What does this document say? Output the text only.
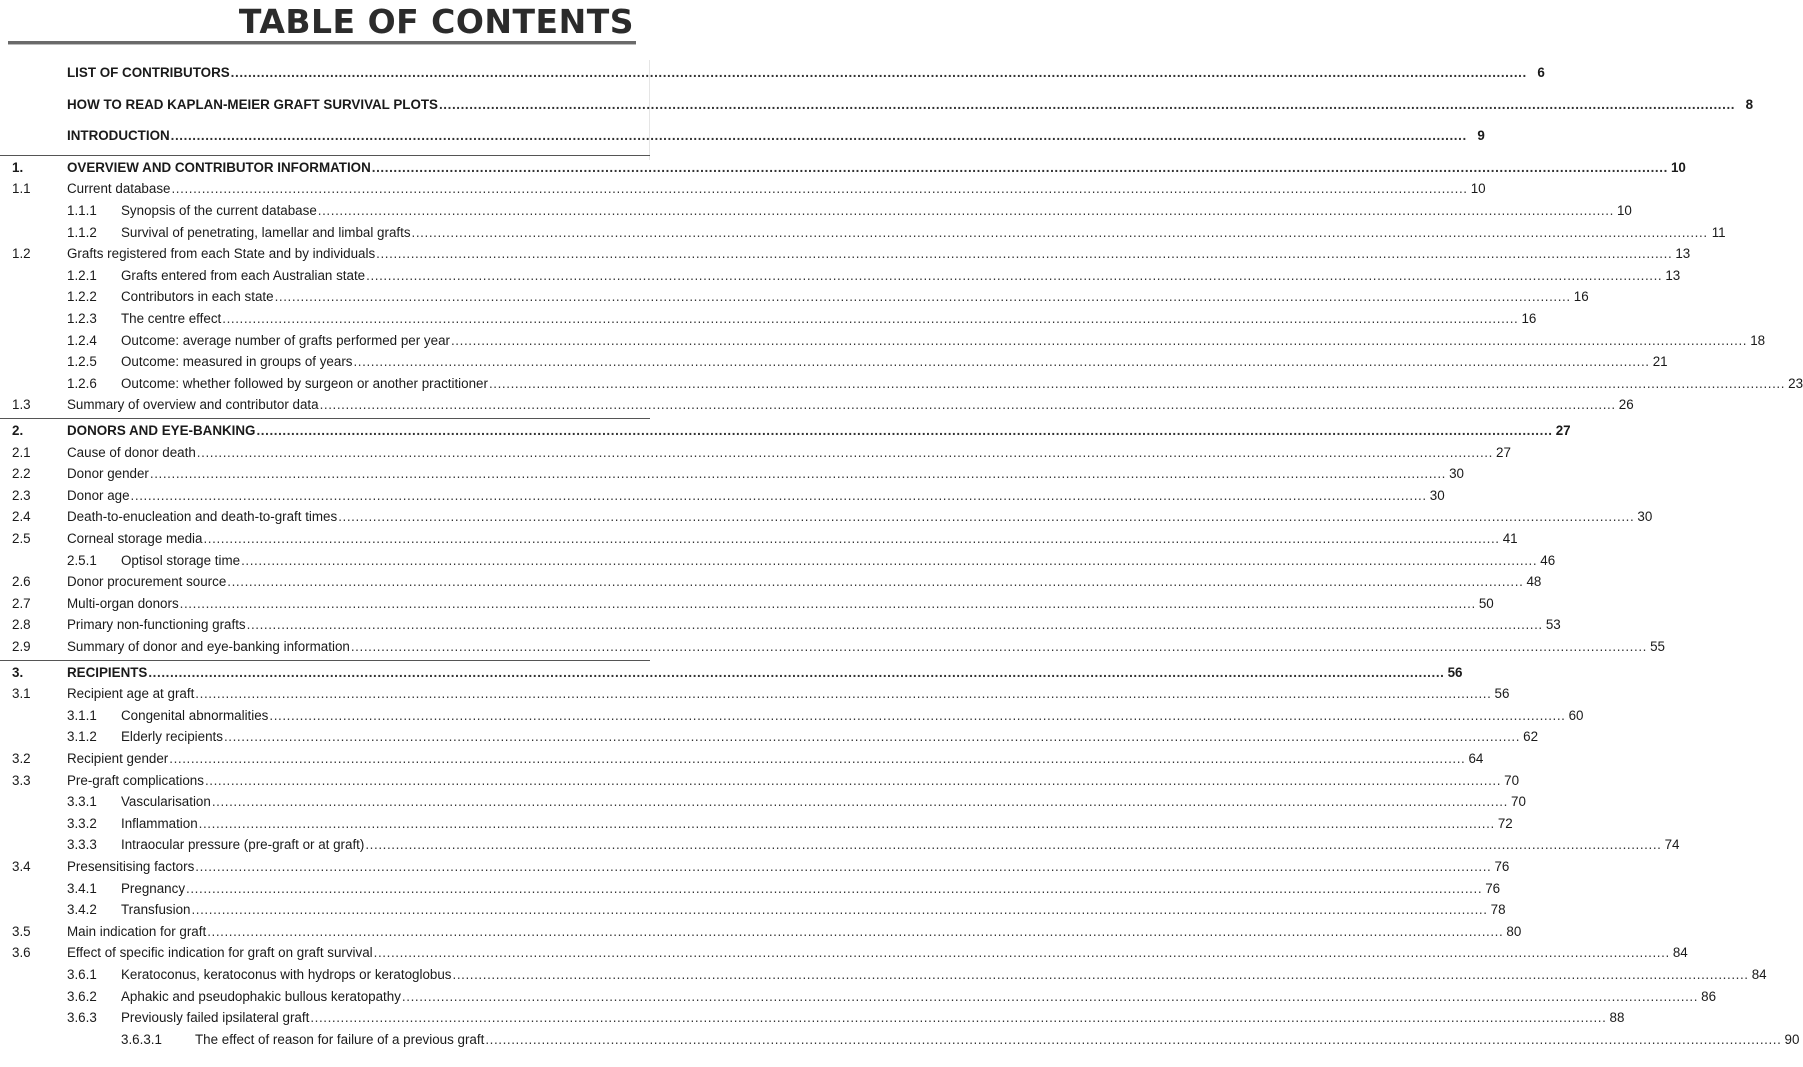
TABLE OF CONTENTS
LIST OF CONTRIBUTORS ............................................................................................................................................................................................................................................................................................................ 6
HOW TO READ KAPLAN-MEIER GRAFT SURVIVAL PLOTS ............................................................................................................................................................................................................................................................................................................ 8
INTRODUCTION ............................................................................................................................................................................................................................................................................................................ 9
1.	OVERVIEW AND CONTRIBUTOR INFORMATION ............................................................................................................................................................................................................................................................................................................ 10
1.1	Current database ............................................................................................................................................................................................................................................................................................................ 10
1.1.1 Synopsis of the current database ............................................................................................................................................................................................................................................................................................................ 10
1.1.2 Survival of penetrating, lamellar and limbal grafts ............................................................................................................................................................................................................................................................................................................ 11
1.2	Grafts registered from each State and by individuals ............................................................................................................................................................................................................................................................................................................ 13
1.2.1 Grafts entered from each Australian state ............................................................................................................................................................................................................................................................................................................ 13
1.2.2 Contributors in each state ............................................................................................................................................................................................................................................................................................................ 16
1.2.3 The centre effect ............................................................................................................................................................................................................................................................................................................ 16
1.2.4 Outcome: average number of grafts performed per year ............................................................................................................................................................................................................................................................................................................ 18
1.2.5 Outcome: measured in groups of years ............................................................................................................................................................................................................................................................................................................ 21
1.2.6 Outcome: whether followed by surgeon or another practitioner ............................................................................................................................................................................................................................................................................................................ 23
1.3	Summary of overview and contributor data ............................................................................................................................................................................................................................................................................................................ 26
2.	DONORS AND EYE-BANKING ............................................................................................................................................................................................................................................................................................................ 27
2.1	Cause of donor death ............................................................................................................................................................................................................................................................................................................ 27
2.2	Donor gender ............................................................................................................................................................................................................................................................................................................ 30
2.3	Donor age ............................................................................................................................................................................................................................................................................................................ 30
2.4	Death-to-enucleation and death-to-graft times ............................................................................................................................................................................................................................................................................................................ 30
2.5	Corneal storage media ............................................................................................................................................................................................................................................................................................................ 41
2.5.1 Optisol storage time ............................................................................................................................................................................................................................................................................................................ 46
2.6	Donor procurement source ............................................................................................................................................................................................................................................................................................................ 48
2.7	Multi-organ donors ............................................................................................................................................................................................................................................................................................................ 50
2.8	Primary non-functioning grafts ............................................................................................................................................................................................................................................................................................................ 53
2.9	Summary of donor and eye-banking information ............................................................................................................................................................................................................................................................................................................ 55
3.	RECIPIENTS ............................................................................................................................................................................................................................................................................................................ 56
3.1	Recipient age at graft ............................................................................................................................................................................................................................................................................................................ 56
3.1.1 Congenital abnormalities ............................................................................................................................................................................................................................................................................................................ 60
3.1.2 Elderly recipients ............................................................................................................................................................................................................................................................................................................ 62
3.2	Recipient gender ............................................................................................................................................................................................................................................................................................................ 64
3.3	Pre-graft complications ............................................................................................................................................................................................................................................................................................................ 70
3.3.1 Vascularisation ............................................................................................................................................................................................................................................................................................................ 70
3.3.2 Inflammation ............................................................................................................................................................................................................................................................................................................ 72
3.3.3 Intraocular pressure (pre-graft or at graft) ............................................................................................................................................................................................................................................................................................................ 74
3.4	Presensitising factors ............................................................................................................................................................................................................................................................................................................ 76
3.4.1 Pregnancy ............................................................................................................................................................................................................................................................................................................ 76
3.4.2 Transfusion ............................................................................................................................................................................................................................................................................................................ 78
3.5	Main indication for graft ............................................................................................................................................................................................................................................................................................................ 80
3.6	Effect of specific indication for graft on graft survival ............................................................................................................................................................................................................................................................................................................ 84
3.6.1 Keratoconus, keratoconus with hydrops or keratoglobus ............................................................................................................................................................................................................................................................................................................ 84
3.6.2 Aphakic and pseudophakic bullous keratopathy ............................................................................................................................................................................................................................................................................................................ 86
3.6.3 Previously failed ipsilateral graft ............................................................................................................................................................................................................................................................................................................ 88
3.6.3.1 The effect of reason for failure of a previous graft ............................................................................................................................................................................................................................................................................................................ 90
